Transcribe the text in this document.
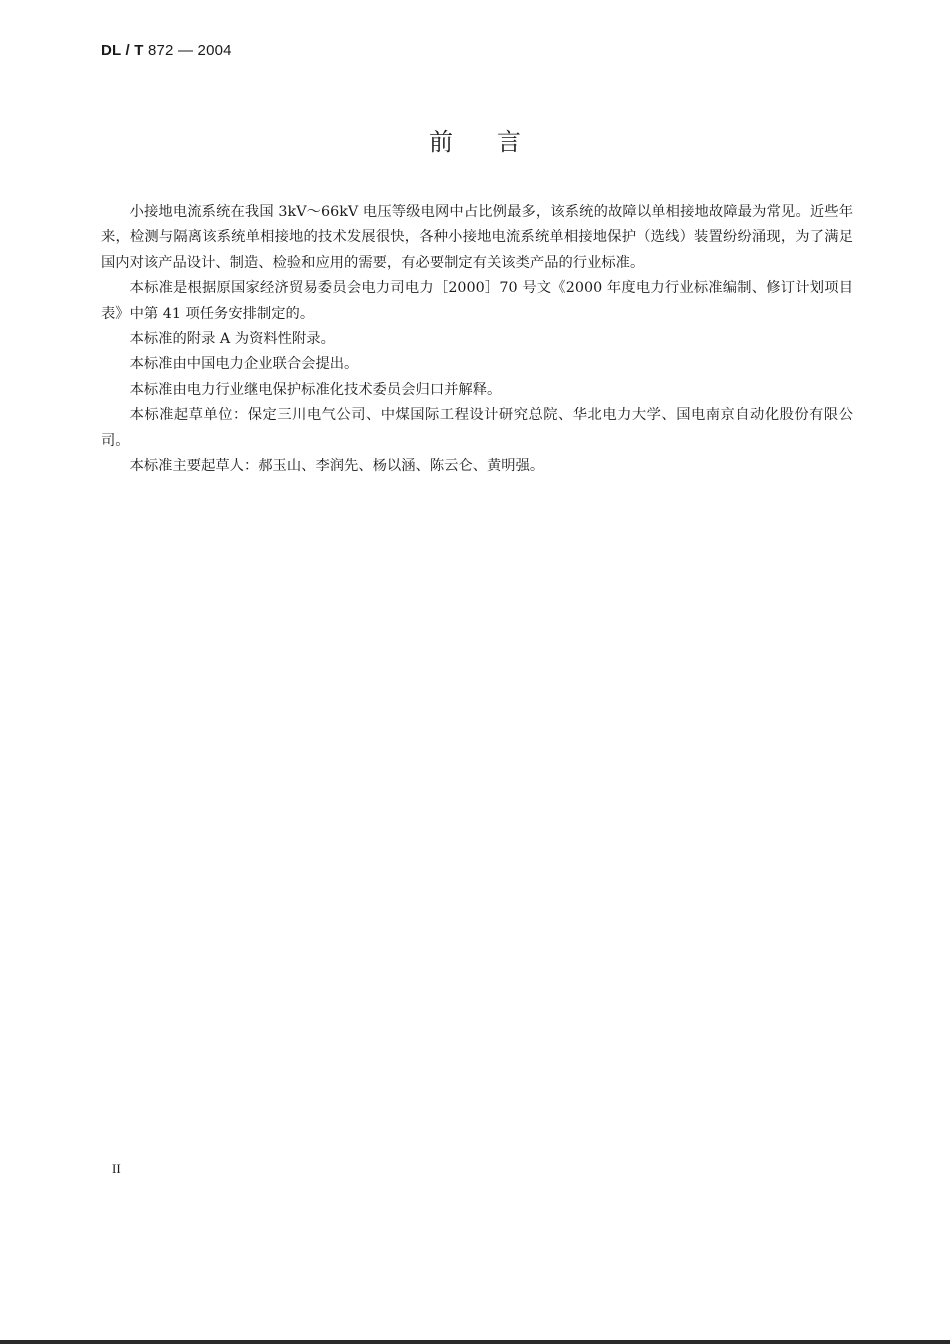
DL / T 872 — 2004
前言

小接地电流系统在我国 3kV～66kV 电压等级电网中占比例最多，该系统的故障以单相接地故障最为常见。近些年来，检测与隔离该系统单相接地的技术发展很快，各种小接地电流系统单相接地保护（选线）装置纷纷涌现，为了满足国内对该产品设计、制造、检验和应用的需要，有必要制定有关该类产品的行业标准。

本标准是根据原国家经济贸易委员会电力司电力［2000］70 号文《2000 年度电力行业标准编制、修订计划项目表》中第 41 项任务安排制定的。

本标准的附录 A 为资料性附录。

本标准由中国电力企业联合会提出。

本标准由电力行业继电保护标准化技术委员会归口并解释。

本标准起草单位：保定三川电气公司、中煤国际工程设计研究总院、华北电力大学、国电南京自动化股份有限公司。

本标准主要起草人：郝玉山、李润先、杨以涵、陈云仑、黄明强。

II
